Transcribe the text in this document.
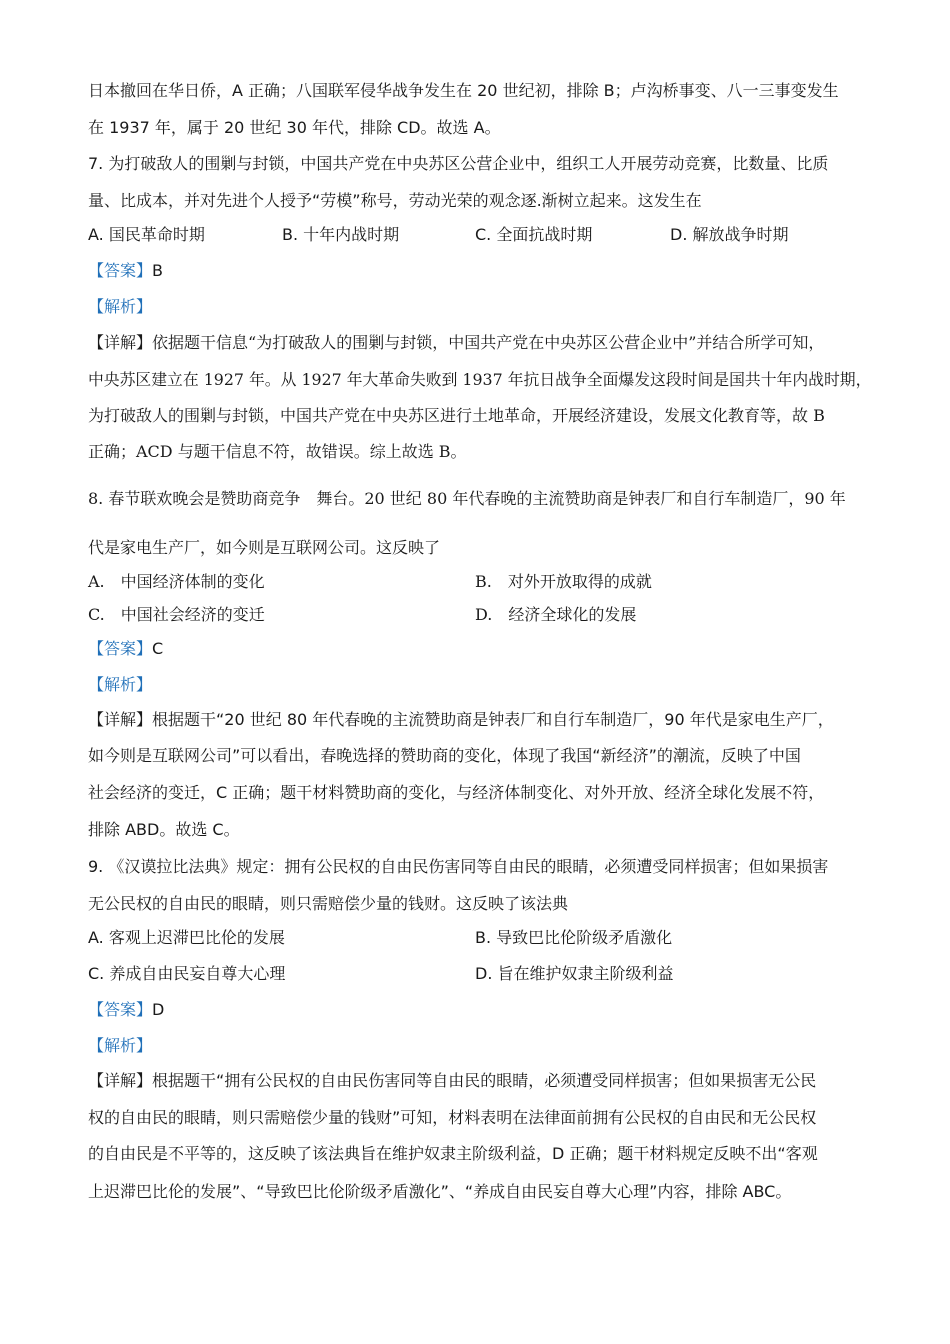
日本撤回在华日侨，A 正确；八国联军侵华战争发生在 20 世纪初，排除 B；卢沟桥事变、八一三事变发生
在 1937 年，属于 20 世纪 30 年代，排除 CD。故选 A。
7. 为打破敌人的围剿与封锁，中国共产党在中央苏区公营企业中，组织工人开展劳动竞赛，比数量、比质
量、比成本，并对先进个人授予“劳模”称号，劳动光荣的观念逐.渐树立起来。这发生在
A. 国民革命时期	B. 十年内战时期	C. 全面抗战时期	D. 解放战争时期
【答案】B
【解析】
【详解】依据题干信息“为打破敌人的围剿与封锁，中国共产党在中央苏区公营企业中”并结合所学可知，
中央苏区建立在 1927 年。从 1927 年大革命失败到 1937 年抗日战争全面爆发这段时间是国共十年内战时期，
为打破敌人的围剿与封锁，中国共产党在中央苏区进行土地革命，开展经济建设，发展文化教育等，故 B
正确；ACD 与题干信息不符，故错误。综上故选 B。
8. 春节联欢晚会是赞助商竞争　舞台。20 世纪 80 年代春晚的主流赞助商是钟表厂和自行车制造厂，90 年
代是家电生产厂，如今则是互联网公司。这反映了
A.　中国经济体制的变化	B.　对外开放取得的成就
C.　中国社会经济的变迁	D.　经济全球化的发展
【答案】C
【解析】
【详解】根据题干“20 世纪 80 年代春晚的主流赞助商是钟表厂和自行车制造厂，90 年代是家电生产厂，
如今则是互联网公司”可以看出，春晚选择的赞助商的变化，体现了我国“新经济”的潮流，反映了中国
社会经济的变迁，C 正确；题干材料赞助商的变化，与经济体制变化、对外开放、经济全球化发展不符，
排除 ABD。故选 C。
9. 《汉谟拉比法典》规定：拥有公民权的自由民伤害同等自由民的眼睛，必须遭受同样损害；但如果损害
无公民权的自由民的眼睛，则只需赔偿少量的钱财。这反映了该法典
A. 客观上迟滞巴比伦的发展	B. 导致巴比伦阶级矛盾激化
C. 养成自由民妄自尊大心理	D. 旨在维护奴隶主阶级利益
【答案】D
【解析】
【详解】根据题干“拥有公民权的自由民伤害同等自由民的眼睛，必须遭受同样损害；但如果损害无公民
权的自由民的眼睛，则只需赔偿少量的钱财”可知，材料表明在法律面前拥有公民权的自由民和无公民权
的自由民是不平等的，这反映了该法典旨在维护奴隶主阶级利益，D 正确；题干材料规定反映不出“客观
上迟滞巴比伦的发展”、“导致巴比伦阶级矛盾激化”、“养成自由民妄自尊大心理”内容，排除 ABC。
